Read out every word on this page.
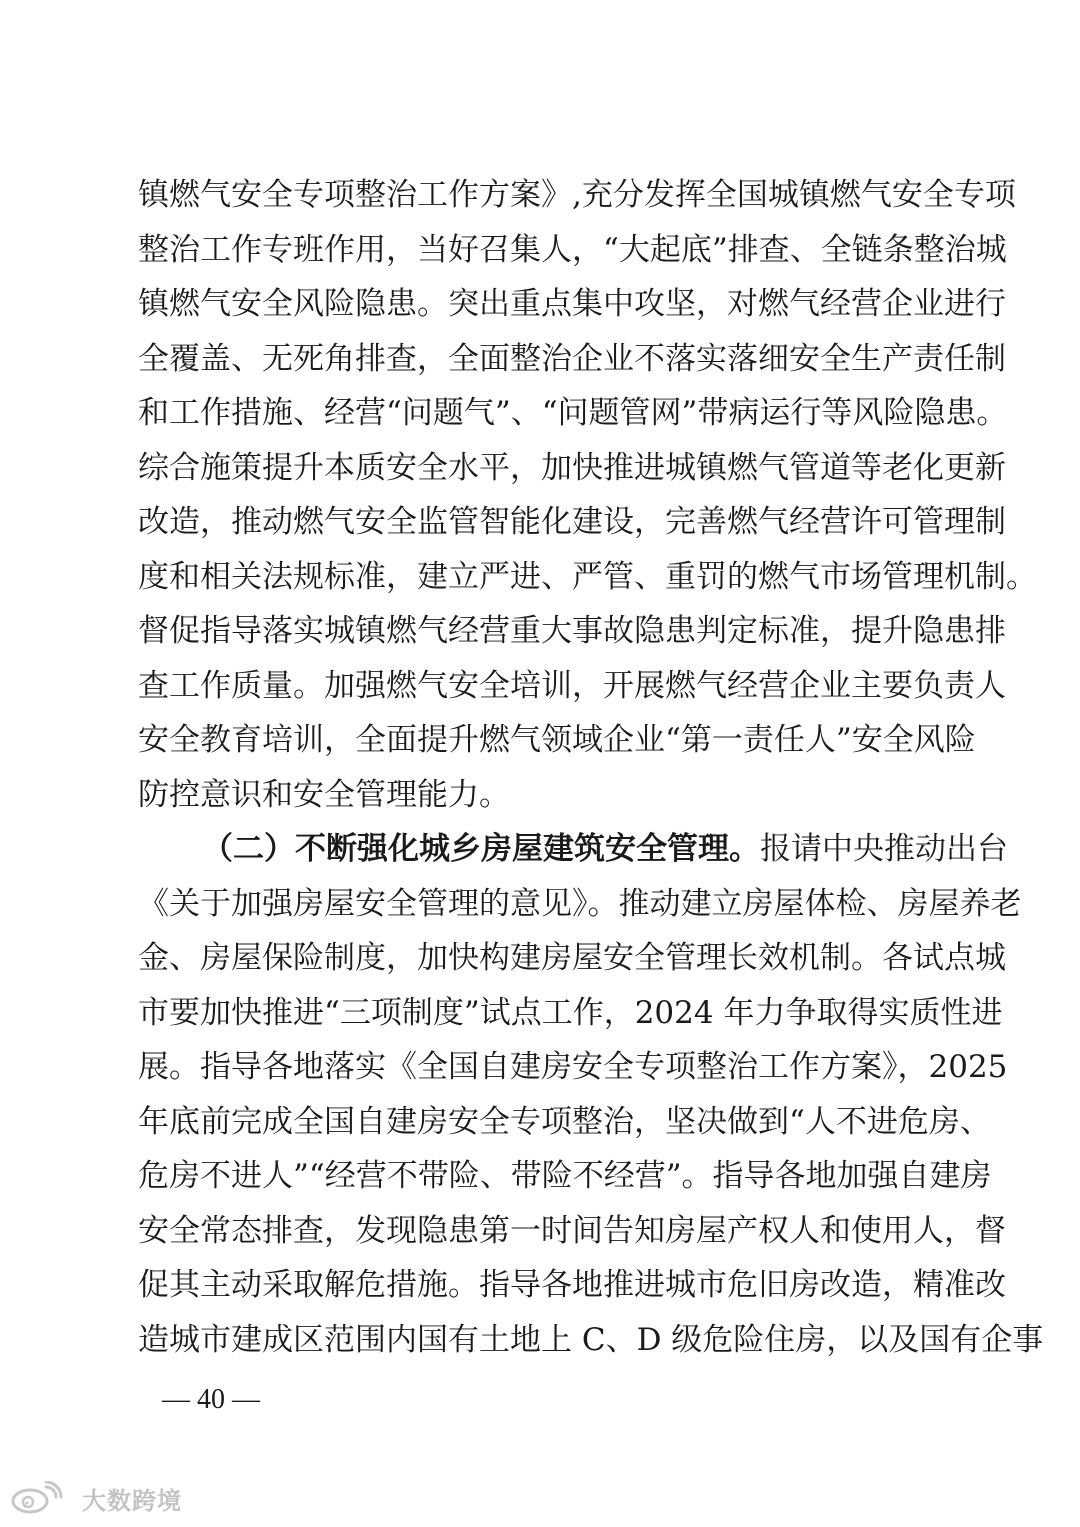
镇燃气安全专项整治工作方案》,充分发挥全国城镇燃气安全专项
整治工作专班作用，当好召集人，“大起底”排查、全链条整治城
镇燃气安全风险隐患。突出重点集中攻坚，对燃气经营企业进行
全覆盖、无死角排查，全面整治企业不落实落细安全生产责任制
和工作措施、经营“问题气”、“问题管网”带病运行等风险隐患。
综合施策提升本质安全水平，加快推进城镇燃气管道等老化更新
改造，推动燃气安全监管智能化建设，完善燃气经营许可管理制
度和相关法规标准，建立严进、严管、重罚的燃气市场管理机制。
督促指导落实城镇燃气经营重大事故隐患判定标准，提升隐患排
查工作质量。加强燃气安全培训，开展燃气经营企业主要负责人
安全教育培训，全面提升燃气领域企业“第一责任人”安全风险
防控意识和安全管理能力。
（二）不断强化城乡房屋建筑安全管理。报请中央推动出台
《关于加强房屋安全管理的意见》。推动建立房屋体检、房屋养老
金、房屋保险制度，加快构建房屋安全管理长效机制。各试点城
市要加快推进“三项制度”试点工作，2024 年力争取得实质性进
展。指导各地落实《全国自建房安全专项整治工作方案》，2025
年底前完成全国自建房安全专项整治，坚决做到“人不进危房、
危房不进人”“经营不带险、带险不经营”。指导各地加强自建房
安全常态排查，发现隐患第一时间告知房屋产权人和使用人，督
促其主动采取解危措施。指导各地推进城市危旧房改造，精准改
造城市建成区范围内国有土地上 C、D 级危险住房，以及国有企事
— 40 —
大数跨境
